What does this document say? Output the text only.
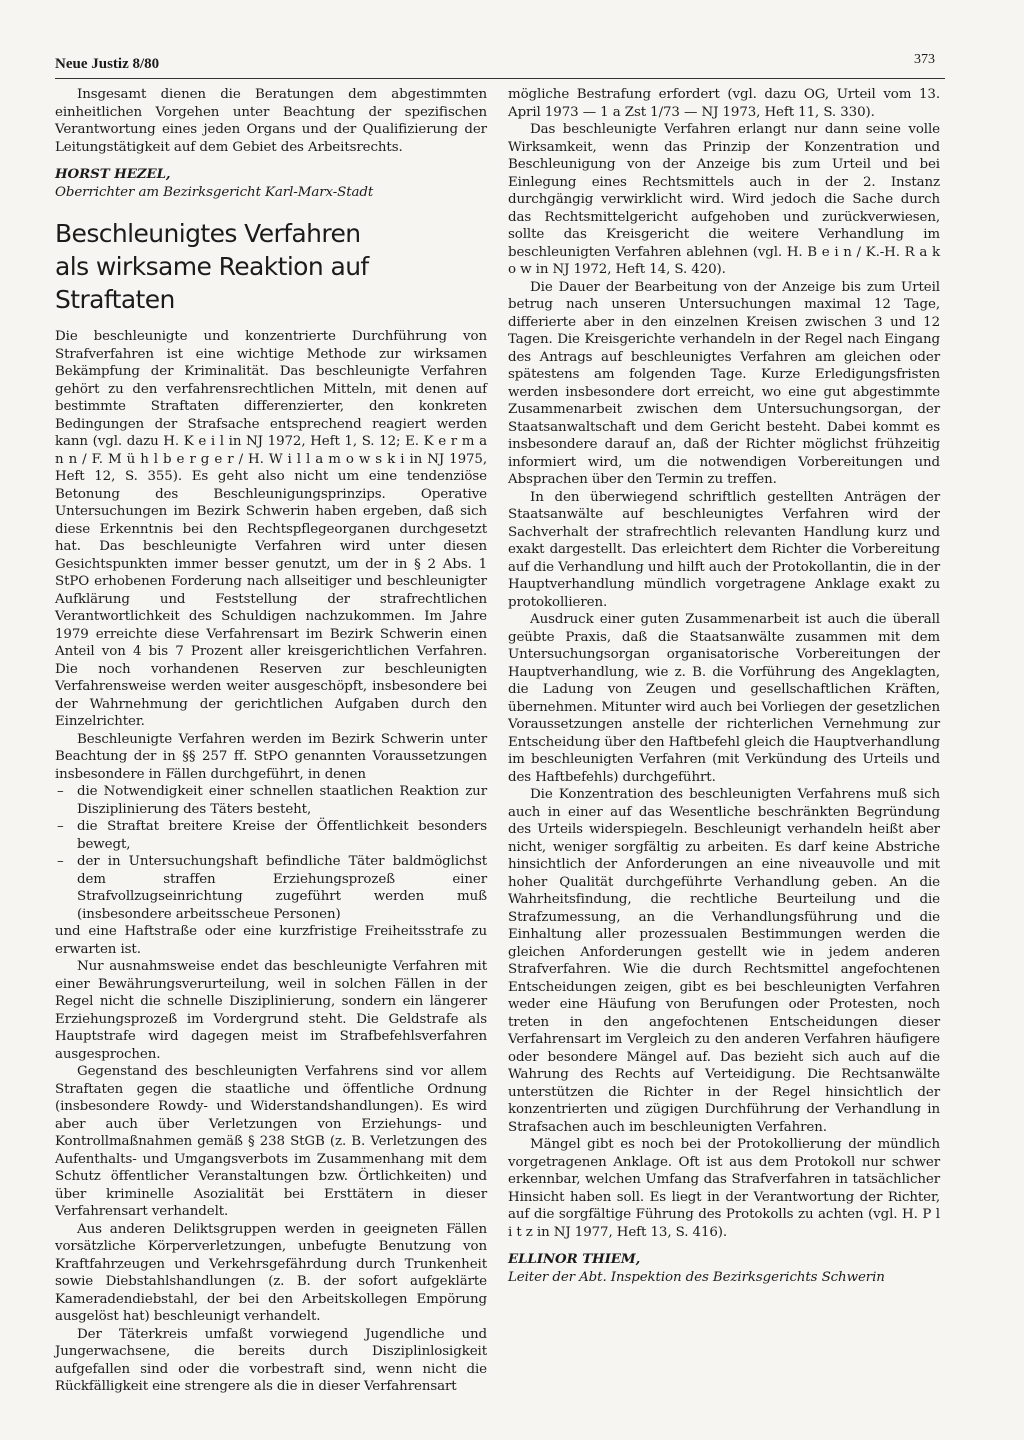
Neue Justiz 8/80	373

Insgesamt dienen die Beratungen dem abgestimmten einheitlichen Vorgehen unter Beachtung der spezifischen Verantwortung eines jeden Organs und der Qualifizierung der Leitungstätigkeit auf dem Gebiet des Arbeitsrechts.

HORST HEZEL,

Oberrichter am Bezirksgericht Karl-Marx-Stadt

Beschleunigtes Verfahren
als wirksame Reaktion auf Straftaten

Die beschleunigte und konzentrierte Durchführung von Strafverfahren ist eine wichtige Methode zur wirksamen Bekämpfung der Kriminalität. Das beschleunigte Verfahren gehört zu den verfahrensrechtlichen Mitteln, mit denen auf bestimmte Straftaten differenzierter, den konkreten Bedingungen der Strafsache entsprechend reagiert werden kann (vgl. dazu H. K e i l in NJ 1972, Heft 1, S. 12; E. K e r m a n n / F. M ü h l b e r g e r / H. W i l l a m o w s k i in NJ 1975, Heft 12, S. 355). Es geht also nicht um eine tendenziöse Betonung des Beschleunigungsprinzips. Operative Untersuchungen im Bezirk Schwerin haben ergeben, daß sich diese Erkenntnis bei den Rechtspflegeorganen durchgesetzt hat. Das beschleunigte Verfahren wird unter diesen Gesichtspunkten immer besser genutzt, um der in § 2 Abs. 1 StPO erhobenen Forderung nach allseitiger und beschleunigter Aufklärung und Feststellung der strafrechtlichen Verantwortlichkeit des Schuldigen nachzukommen. Im Jahre 1979 erreichte diese Verfahrensart im Bezirk Schwerin einen Anteil von 4 bis 7 Prozent aller kreisgerichtlichen Verfahren. Die noch vorhandenen Reserven zur beschleunigten Verfahrensweise werden weiter ausgeschöpft, insbesondere bei der Wahrnehmung der gerichtlichen Aufgaben durch den Einzelrichter.

Beschleunigte Verfahren werden im Bezirk Schwerin unter Beachtung der in §§ 257 ff. StPO genannten Voraussetzungen insbesondere in Fällen durchgeführt, in denen

– die Notwendigkeit einer schnellen staatlichen Reaktion zur Disziplinierung des Täters besteht,
– die Straftat breitere Kreise der Öffentlichkeit besonders bewegt,
– der in Untersuchungshaft befindliche Täter baldmöglichst dem straffen Erziehungsprozeß einer Strafvollzugseinrichtung zugeführt werden muß (insbesondere arbeitsscheue Personen)

und eine Haftstraße oder eine kurzfristige Freiheitsstrafe zu erwarten ist.

Nur ausnahmsweise endet das beschleunigte Verfahren mit einer Bewährungsverurteilung, weil in solchen Fällen in der Regel nicht die schnelle Disziplinierung, sondern ein längerer Erziehungsprozeß im Vordergrund steht. Die Geldstrafe als Hauptstrafe wird dagegen meist im Strafbefehlsverfahren ausgesprochen.

Gegenstand des beschleunigten Verfahrens sind vor allem Straftaten gegen die staatliche und öffentliche Ordnung (insbesondere Rowdy- und Widerstandshandlungen). Es wird aber auch über Verletzungen von Erziehungs- und Kontrollmaßnahmen gemäß § 238 StGB (z. B. Verletzungen des Aufenthalts- und Umgangsverbots im Zusammenhang mit dem Schutz öffentlicher Veranstaltungen bzw. Örtlichkeiten) und über kriminelle Asozialität bei Ersttätern in dieser Verfahrensart verhandelt.

Aus anderen Deliktsgruppen werden in geeigneten Fällen vorsätzliche Körperverletzungen, unbefugte Benutzung von Kraftfahrzeugen und Verkehrsgefährdung durch Trunkenheit sowie Diebstahlshandlungen (z. B. der sofort aufgeklärte Kameradendiebstahl, der bei den Arbeitskollegen Empörung ausgelöst hat) beschleunigt verhandelt.

Der Täterkreis umfaßt vorwiegend Jugendliche und Jungerwachsene, die bereits durch Disziplinlosigkeit aufgefallen sind oder die vorbestraft sind, wenn nicht die Rückfälligkeit eine strengere als die in dieser Verfahrensart

mögliche Bestrafung erfordert (vgl. dazu OG, Urteil vom 13. April 1973 — 1 a Zst 1/73 — NJ 1973, Heft 11, S. 330).

Das beschleunigte Verfahren erlangt nur dann seine volle Wirksamkeit, wenn das Prinzip der Konzentration und Beschleunigung von der Anzeige bis zum Urteil und bei Einlegung eines Rechtsmittels auch in der 2. Instanz durchgängig verwirklicht wird. Wird jedoch die Sache durch das Rechtsmittelgericht aufgehoben und zurückverwiesen, sollte das Kreisgericht die weitere Verhandlung im beschleunigten Verfahren ablehnen (vgl. H. B e i n / K.-H. R a k o w in NJ 1972, Heft 14, S. 420).

Die Dauer der Bearbeitung von der Anzeige bis zum Urteil betrug nach unseren Untersuchungen maximal 12 Tage, differierte aber in den einzelnen Kreisen zwischen 3 und 12 Tagen. Die Kreisgerichte verhandeln in der Regel nach Eingang des Antrags auf beschleunigtes Verfahren am gleichen oder spätestens am folgenden Tage. Kurze Erledigungsfristen werden insbesondere dort erreicht, wo eine gut abgestimmte Zusammenarbeit zwischen dem Untersuchungsorgan, der Staatsanwaltschaft und dem Gericht besteht. Dabei kommt es insbesondere darauf an, daß der Richter möglichst frühzeitig informiert wird, um die notwendigen Vorbereitungen und Absprachen über den Termin zu treffen.

In den überwiegend schriftlich gestellten Anträgen der Staatsanwälte auf beschleunigtes Verfahren wird der Sachverhalt der strafrechtlich relevanten Handlung kurz und exakt dargestellt. Das erleichtert dem Richter die Vorbereitung auf die Verhandlung und hilft auch der Protokollantin, die in der Hauptverhandlung mündlich vorgetragene Anklage exakt zu protokollieren.

Ausdruck einer guten Zusammenarbeit ist auch die überall geübte Praxis, daß die Staatsanwälte zusammen mit dem Untersuchungsorgan organisatorische Vorbereitungen der Hauptverhandlung, wie z. B. die Vorführung des Angeklagten, die Ladung von Zeugen und gesellschaftlichen Kräften, übernehmen. Mitunter wird auch bei Vorliegen der gesetzlichen Voraussetzungen anstelle der richterlichen Vernehmung zur Entscheidung über den Haftbefehl gleich die Hauptverhandlung im beschleunigten Verfahren (mit Verkündung des Urteils und des Haftbefehls) durchgeführt.

Die Konzentration des beschleunigten Verfahrens muß sich auch in einer auf das Wesentliche beschränkten Begründung des Urteils widerspiegeln. Beschleunigt verhandeln heißt aber nicht, weniger sorgfältig zu arbeiten. Es darf keine Abstriche hinsichtlich der Anforderungen an eine niveauvolle und mit hoher Qualität durchgeführte Verhandlung geben. An die Wahrheitsfindung, die rechtliche Beurteilung und die Strafzumessung, an die Verhandlungsführung und die Einhaltung aller prozessualen Bestimmungen werden die gleichen Anforderungen gestellt wie in jedem anderen Strafverfahren. Wie die durch Rechtsmittel angefochtenen Entscheidungen zeigen, gibt es bei beschleunigten Verfahren weder eine Häufung von Berufungen oder Protesten, noch treten in den angefochtenen Entscheidungen dieser Verfahrensart im Vergleich zu den anderen Verfahren häufigere oder besondere Mängel auf. Das bezieht sich auch auf die Wahrung des Rechts auf Verteidigung. Die Rechtsanwälte unterstützen die Richter in der Regel hinsichtlich der konzentrierten und zügigen Durchführung der Verhandlung in Strafsachen auch im beschleunigten Verfahren.

Mängel gibt es noch bei der Protokollierung der mündlich vorgetragenen Anklage. Oft ist aus dem Protokoll nur schwer erkennbar, welchen Umfang das Strafverfahren in tatsächlicher Hinsicht haben soll. Es liegt in der Verantwortung der Richter, auf die sorgfältige Führung des Protokolls zu achten (vgl. H. P l i t z in NJ 1977, Heft 13, S. 416).

ELLINOR THIEM,

Leiter der Abt. Inspektion des Bezirksgerichts Schwerin
